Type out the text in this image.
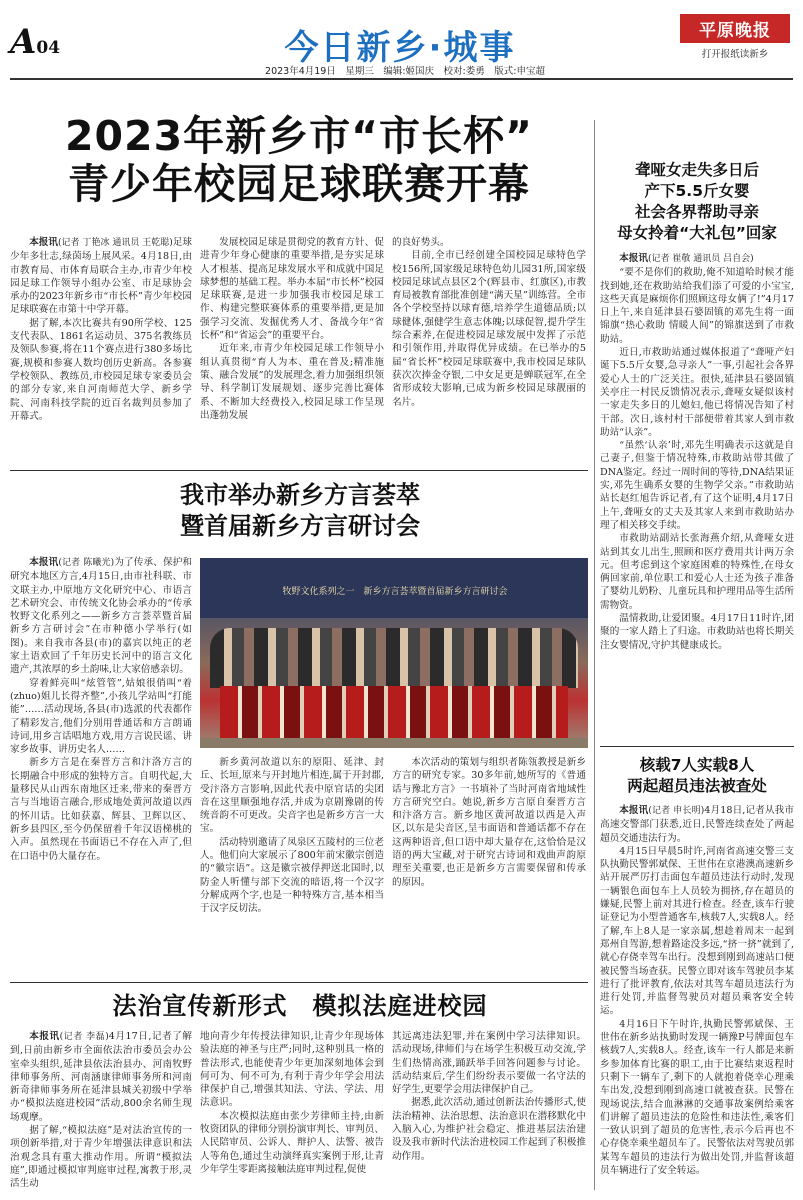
A04	今日新乡·城事	平原晚报
打开报纸读新乡
2023年4月19日　星期三　编辑:姬国庆　校对:娄勇　版式:申宝超
2023年新乡市“市长杯”
青少年校园足球联赛开幕

本报讯(记者 丁艳冰 通讯员 王乾聪)足球少年多壮志,绿茵场上展风采。4月18日,由市教育局、市体育局联合主办,市青少年校园足球工作领导小组办公室、市足球协会承办的2023年新乡市“市长杯”青少年校园足球联赛在市第十中学开幕。

据了解,本次比赛共有90所学校、125支代表队、1861名运动员、375名教练员及领队参赛,将在11个赛点进行380多场比赛,规模和参赛人数均创历史新高。各参赛学校领队、教练员,市校园足球专家委员会的部分专家,来自河南师范大学、新乡学院、河南科技学院的近百名裁判员参加了开幕式。

发展校园足球是贯彻党的教育方针、促进青少年身心健康的重要举措,是夯实足球人才根基、提高足球发展水平和成就中国足球梦想的基础工程。举办本届“市长杯”校园足球联赛,是进一步加强我市校园足球工作、构建完整联赛体系的重要举措,更是加强学习交流、发掘优秀人才、备战今年“省长杯”和“省运会”的重要平台。

近年来,市青少年校园足球工作领导小组认真贯彻“育人为本、重在普及;精准施策、融合发展”的发展理念,着力加强组织领导、科学制订发展规划、逐步完善比赛体系、不断加大经费投入,校园足球工作呈现出蓬勃发展

的良好势头。

目前,全市已经创建全国校园足球特色学校156所,国家级足球特色幼儿园31所,国家级校园足球试点县区2个(辉县市、红旗区),市教育局被教育部批准创建“满天星”训练营。全市各个学校坚持以球育德,培养学生道德品质;以球健体,强健学生意志体魄;以球促智,提升学生综合素养,在促进校园足球发展中发挥了示范和引领作用,并取得优异成绩。在已举办的5届“省长杯”校园足球联赛中,我市校园足球队获次次捧金夺银,二中女足更是蝉联冠军,在全省形成较大影响,已成为新乡校园足球靓丽的名片。

我市举办新乡方言荟萃
暨首届新乡方言研讨会

本报讯(记者 陈曦光)为了传承、保护和研究本地区方言,4月15日,由市社科联、市文联主办,中原地方文化研究中心、市语言艺术研究会、市传统文化协会承办的“传承牧野文化系列之——新乡方言荟萃暨首届新乡方言研讨会”在市种德小学举行(如图)。来自我市各县(市)的嘉宾以纯正的老家土语欢回了千年历史长河中的语言文化遗产,其浓厚的乡土韵味,让大家倍感亲切。

穿着鲜亮叫“炫管管”,姑娘很俏叫“着(zhuo)姐儿长得齐整”,小孩儿学站叫“打能能”……活动现场,各县(市)选派的代表都作了精彩发言,他们分别用普通话和方言朗诵诗词,用乡言话唱地方戏,用方言说民谣、讲家乡故事、讲历史名人……

新乡方言是在秦晋方言和汴洛方言的长期融合中形成的独特方言。自明代起,大量移民从山西东南地区迁来,带来的秦晋方言与当地语言融合,形成地处黄河故道以西的怀川话。比如获嘉、辉县、卫辉以区、新乡县四区,至今仍保留着千年汉语梯桃的入声。虽然现在书面语已不存在入声了,但在口语中仍大量存在。

牧野文化系列之一　新乡方言荟萃暨首届新乡方言研讨会

新乡黄河故道以东的原阳、延津、封丘、长垣,原来与开封地片相连,属于开封郡,受汴洛方言影响,因此代表中原官话的尖团音在这里顺强地存活,并成为京剧豫剧的传统音韵不可更改。尖音字也是新乡方言一大宝。

活动特别邀请了凤泉区五陵村的三位老人。他们向大家展示了800年前宋徽宗创造的“徽宗语”。这是徽宗被俘押送北国时,以防金人听懂与部下交流的暗语,将一个汉字分解成两个字,也是一种特殊方言,基本相当于汉字反切法。

本次活动的策划与组织者陈瓴教授是新乡方言的研究专家。30多年前,她所写的《普通话与豫北方言》一书填补了当时河南省地域性方言研究空白。她说,新乡方言原自秦晋方言和汴洛方言。新乡地区黄河故道以西是入声区,以东是尖音区,呈韦面语和普通话都不存在这两种语音,但口语中却大量存在,这恰恰是汉语的两大宝藏,对于研究古诗词和戏曲声韵原理至关重要,也正是新乡方言需要保留和传承的原因。

法治宣传新形式　模拟法庭进校园

本报讯(记者 李磊)4月17日,记者了解到,日前由新乡市全面依法治市委员会办公室牵头组织,延津县依法治县办、河南牧野律师事务所、河南涵康律师事务所和河南新奇律师事务所在延津县城关初级中学举办“模拟法庭进校园”活动,800余名师生现场观摩。

据了解,“模拟法庭”是对法治宣传的一项创新举措,对于青少年增强法律意识和法治观念具有重大推动作用。所谓“模拟法庭”,即通过模拟审判庭审过程,寓教于形,灵活生动

地向青少年传授法律知识,让青少年现场体验法庭的神圣与庄严;同时,这种别具一格的普法形式,也能使青少年更加深刻地体会到何可为、何不可为,有利于青少年学会用法律保护自己,增强其知法、守法、学法、用法意识。

本次模拟法庭由张少芳律师主持,由新牧资团队的律师分别扮演审判长、审判员、人民陪审员、公诉人、辩护人、法警、被告人等角色,通过生动演绎真实案例于形,让青少年学生零距离接触法庭审判过程,促使

其远离违法犯罪,并在案例中学习法律知识。活动现场,律师们与在场学生积极互动交流,学生们热情高涨,踊跃举手回答问题参与讨论。活动结束后,学生们纷纷表示要做一名守法的好学生,更要学会用法律保护自己。

据悉,此次活动,通过创新法治传播形式,使法治精神、法治思想、法治意识在潜移默化中入脑入心,为维护社会稳定、推进基层法治建设及我市新时代法治进校园工作起到了积极推动作用。

聋哑女走失多日后
产下5.5斤女婴
社会各界帮助寻亲
母女拎着“大礼包”回家

本报讯(记者 崔敬 通讯员 吕自会)

“要不是你们的救助,俺不知道哈时候才能找到她,还在救助站给我们添了可爱的小宝宝,这些天真是麻烦你们照顾这母女俩了!”4月17日上午,来自延津县石婆固镇的邓先生将一面锦旗“热心救助 情暖人间”的锦旗送到了市救助站。

近日,市救助站通过媒体报道了“聋哑产妇诞下5.5斤女婴,急寻亲人”一事,引起社会各界爱心人士的广泛关注。很快,延津县石婆固镇关亭庄一村民反馈情况表示,聋哑女疑似该村一家走失多日的儿媳妇,他已将情况告知了村干部。次日,该村村干部便带着其家人到市救助站“认亲”。

“虽然‘认亲’时,邓先生明确表示这就是自己妻子,但鉴于情况特殊,市救助站带其做了DNA鉴定。经过一周时间的等待,DNA结果证实,邓先生确系女婴的生物学父亲。”市救助站站长赵红旭告诉记者,有了这个证明,4月17日上午,聋哑女的丈夫及其家人来到市救助站办理了相关移交手续。

市救助站副站长张海燕介绍,从聋哑女进站到其女儿出生,照顾和医疗费用共计两万余元。但考虑到这个家庭困难的特殊性,在母女俩回家前,单位职工和爱心人士还为孩子准备了婴幼儿奶粉、儿童玩具和护理用品等生活所需物资。

温情救助,让爱团聚。4月17日11时许,团聚的一家人踏上了归途。市救助站也将长期关注女婴情况,守护其健康成长。

核载7人实载8人
两起超员违法被查处

本报讯(记者 申长明)4月18日,记者从我市高速交警部门获悉,近日,民警连续查处了两起超员交通违法行为。

4月15日早晨5时许,河南省高速交警三支队执勤民警郭斌保、王世伟在京港澳高速新乡站开展严厉打击面包车超员违法行动时,发现一辆银色面包车上人员较为拥挤,存在超员的嫌疑,民警上前对其进行检查。经查,该车行驶证登记为小型普通客车,核载7人,实载8人。经了解,车上8人是一家亲属,想趁着周末一起到郑州自驾游,想着路途没多远,“挤一挤”就到了,就心存侥幸驾车出行。没想到刚到高速站口便被民警当场查获。民警立即对该车驾驶员李某进行了批评教育,依法对其驾车超员违法行为进行处罚,并监督驾驶员对超员乘客安全转运。

4月16日下午时许,执勤民警郭斌保、王世伟在新乡站执勤时发现一辆豫P号牌面包车核载7人,实载8人。经查,该车一行人都是来新乡参加体育比赛的职工,由于比赛结束返程时只剩下一辆车了,剩下的人就抱着侥幸心理乘车出发,没想到刚到高速口就被查获。民警在现场说法,结合血淋淋的交通事故案例给乘客们讲解了超员违法的危险性和违法性,乘客们一致认识到了超员的危害性,表示今后再也不心存侥幸乘坐超员车了。民警依法对驾驶员郭某驾车超员的违法行为做出处罚,并监督该超员车辆进行了安全转运。
